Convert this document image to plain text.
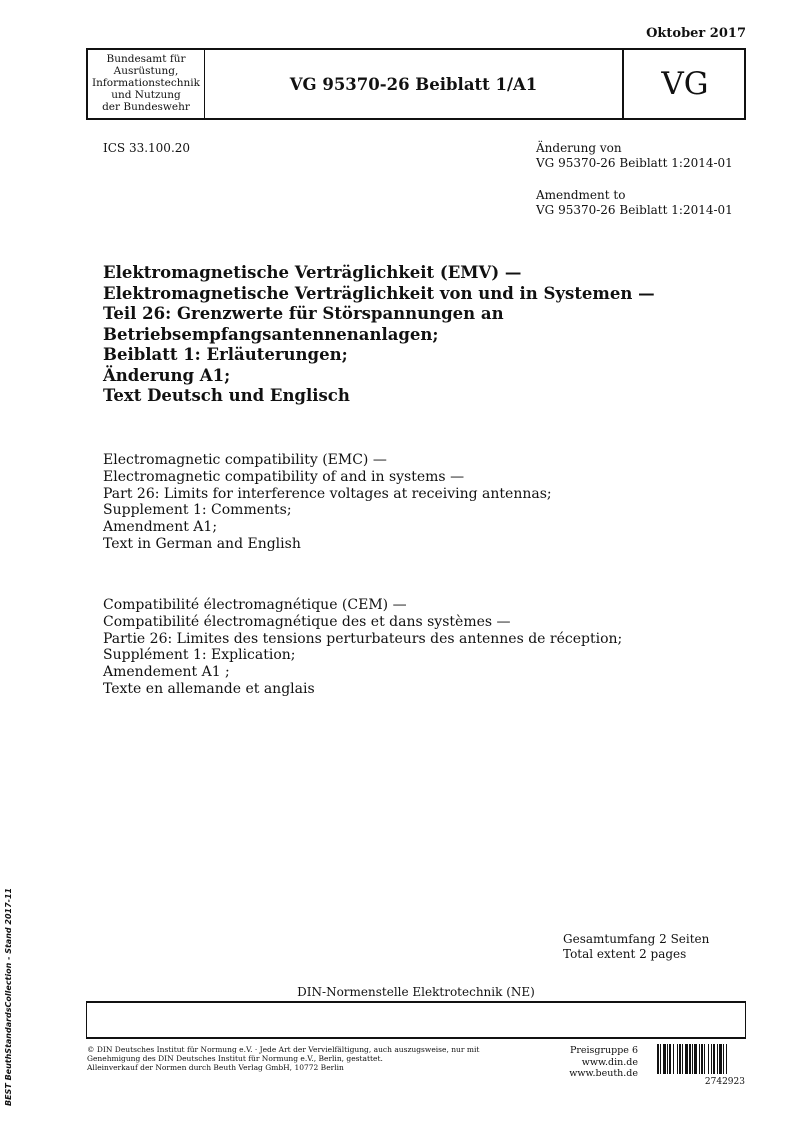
Oktober 2017
Bundesamt für
Ausrüstung,
Informationstechnik
und Nutzung
der Bundeswehr
VG 95370-26 Beiblatt 1/A1	VG
ICS 33.100.20	Änderung von
VG 95370-26 Beiblatt 1:2014-01
Amendment to
VG 95370-26 Beiblatt 1:2014-01
Elektromagnetische Verträglichkeit (EMV) —
Elektromagnetische Verträglichkeit von und in Systemen —
Teil 26: Grenzwerte für Störspannungen an
Betriebsempfangsantennenanlagen;
Beiblatt 1: Erläuterungen;
Änderung A1;
Text Deutsch und Englisch
Electromagnetic compatibility (EMC) —
Electromagnetic compatibility of and in systems —
Part 26: Limits for interference voltages at receiving antennas;
Supplement 1: Comments;
Amendment A1;
Text in German and English
Compatibilité électromagnétique (CEM) —
Compatibilité électromagnétique des et dans systèmes —
Partie 26: Limites des tensions perturbateurs des antennes de réception;
Supplément 1: Explication;
Amendement A1 ;
Texte en allemande et anglais
Gesamtumfang 2 Seiten
Total extent 2 pages
DIN-Normenstelle Elektrotechnik (NE)
© DIN Deutsches Institut für Normung e.V. · Jede Art der Vervielfältigung, auch auszugsweise, nur mit
Genehmigung des DIN Deutsches Institut für Normung e.V., Berlin, gestattet.
Alleinverkauf der Normen durch Beuth Verlag GmbH, 10772 Berlin
Preisgruppe 6
www.din.de
www.beuth.de
2742923
BEST BeuthStandardsCollection - Stand 2017-11
